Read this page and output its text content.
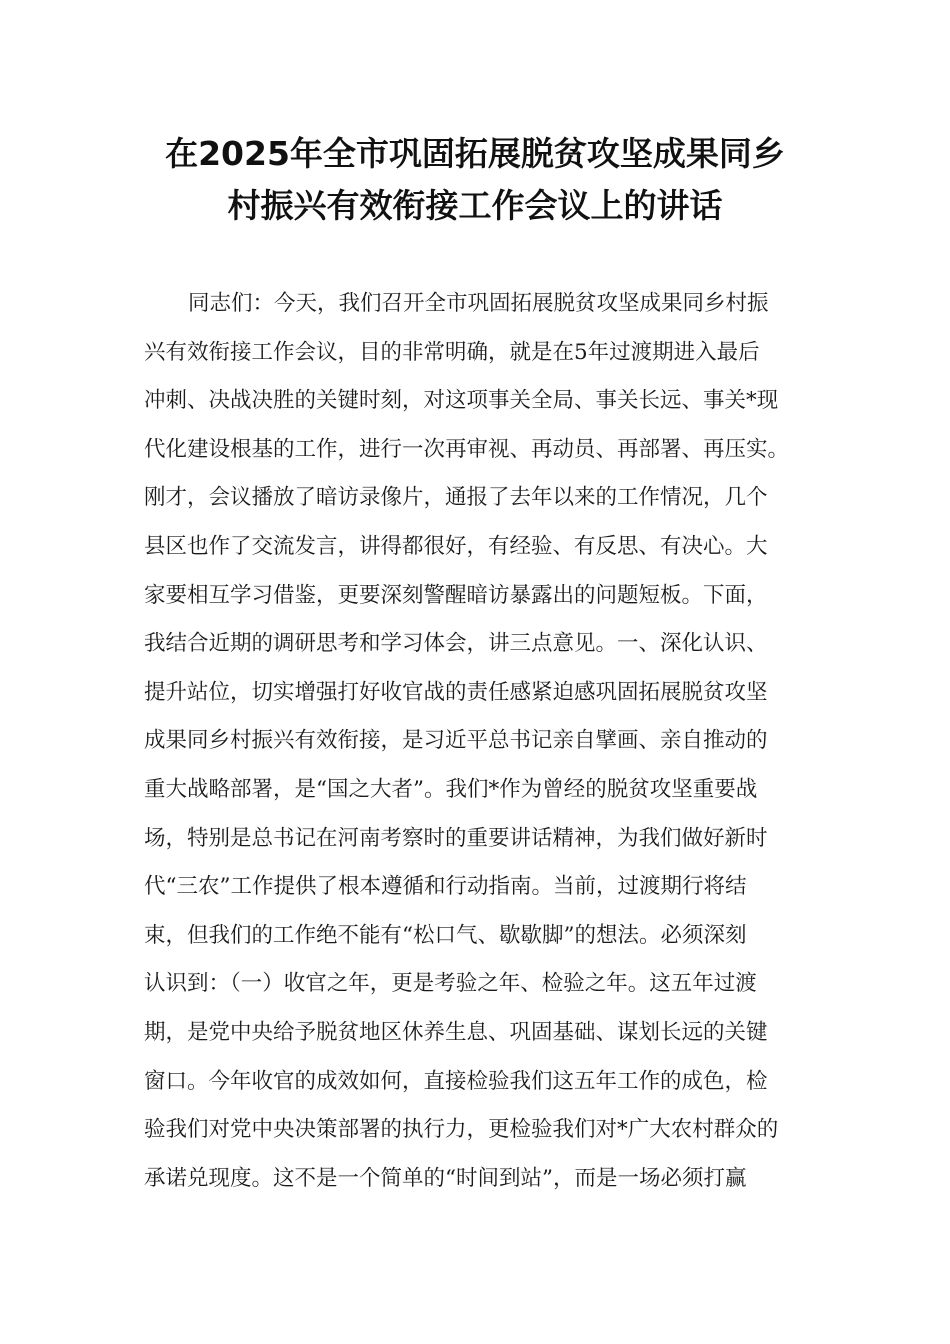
在2025年全市巩固拓展脱贫攻坚成果同乡
村振兴有效衔接工作会议上的讲话
同志们：今天，我们召开全市巩固拓展脱贫攻坚成果同乡村振
兴有效衔接工作会议，目的非常明确，就是在5年过渡期进入最后
冲刺、决战决胜的关键时刻，对这项事关全局、事关长远、事关*现
代化建设根基的工作，进行一次再审视、再动员、再部署、再压实。
刚才，会议播放了暗访录像片，通报了去年以来的工作情况，几个
县区也作了交流发言，讲得都很好，有经验、有反思、有决心。大
家要相互学习借鉴，更要深刻警醒暗访暴露出的问题短板。下面，
我结合近期的调研思考和学习体会，讲三点意见。一、深化认识、
提升站位，切实增强打好收官战的责任感紧迫感巩固拓展脱贫攻坚
成果同乡村振兴有效衔接，是习近平总书记亲自擘画、亲自推动的
重大战略部署，是“国之大者”。我们*作为曾经的脱贫攻坚重要战
场，特别是总书记在河南考察时的重要讲话精神，为我们做好新时
代“三农”工作提供了根本遵循和行动指南。当前，过渡期行将结
束，但我们的工作绝不能有“松口气、歇歇脚”的想法。必须深刻
认识到：（一）收官之年，更是考验之年、检验之年。这五年过渡
期，是党中央给予脱贫地区休养生息、巩固基础、谋划长远的关键
窗口。今年收官的成效如何，直接检验我们这五年工作的成色，检
验我们对党中央决策部署的执行力，更检验我们对*广大农村群众的
承诺兑现度。这不是一个简单的“时间到站”，而是一场必须打赢
